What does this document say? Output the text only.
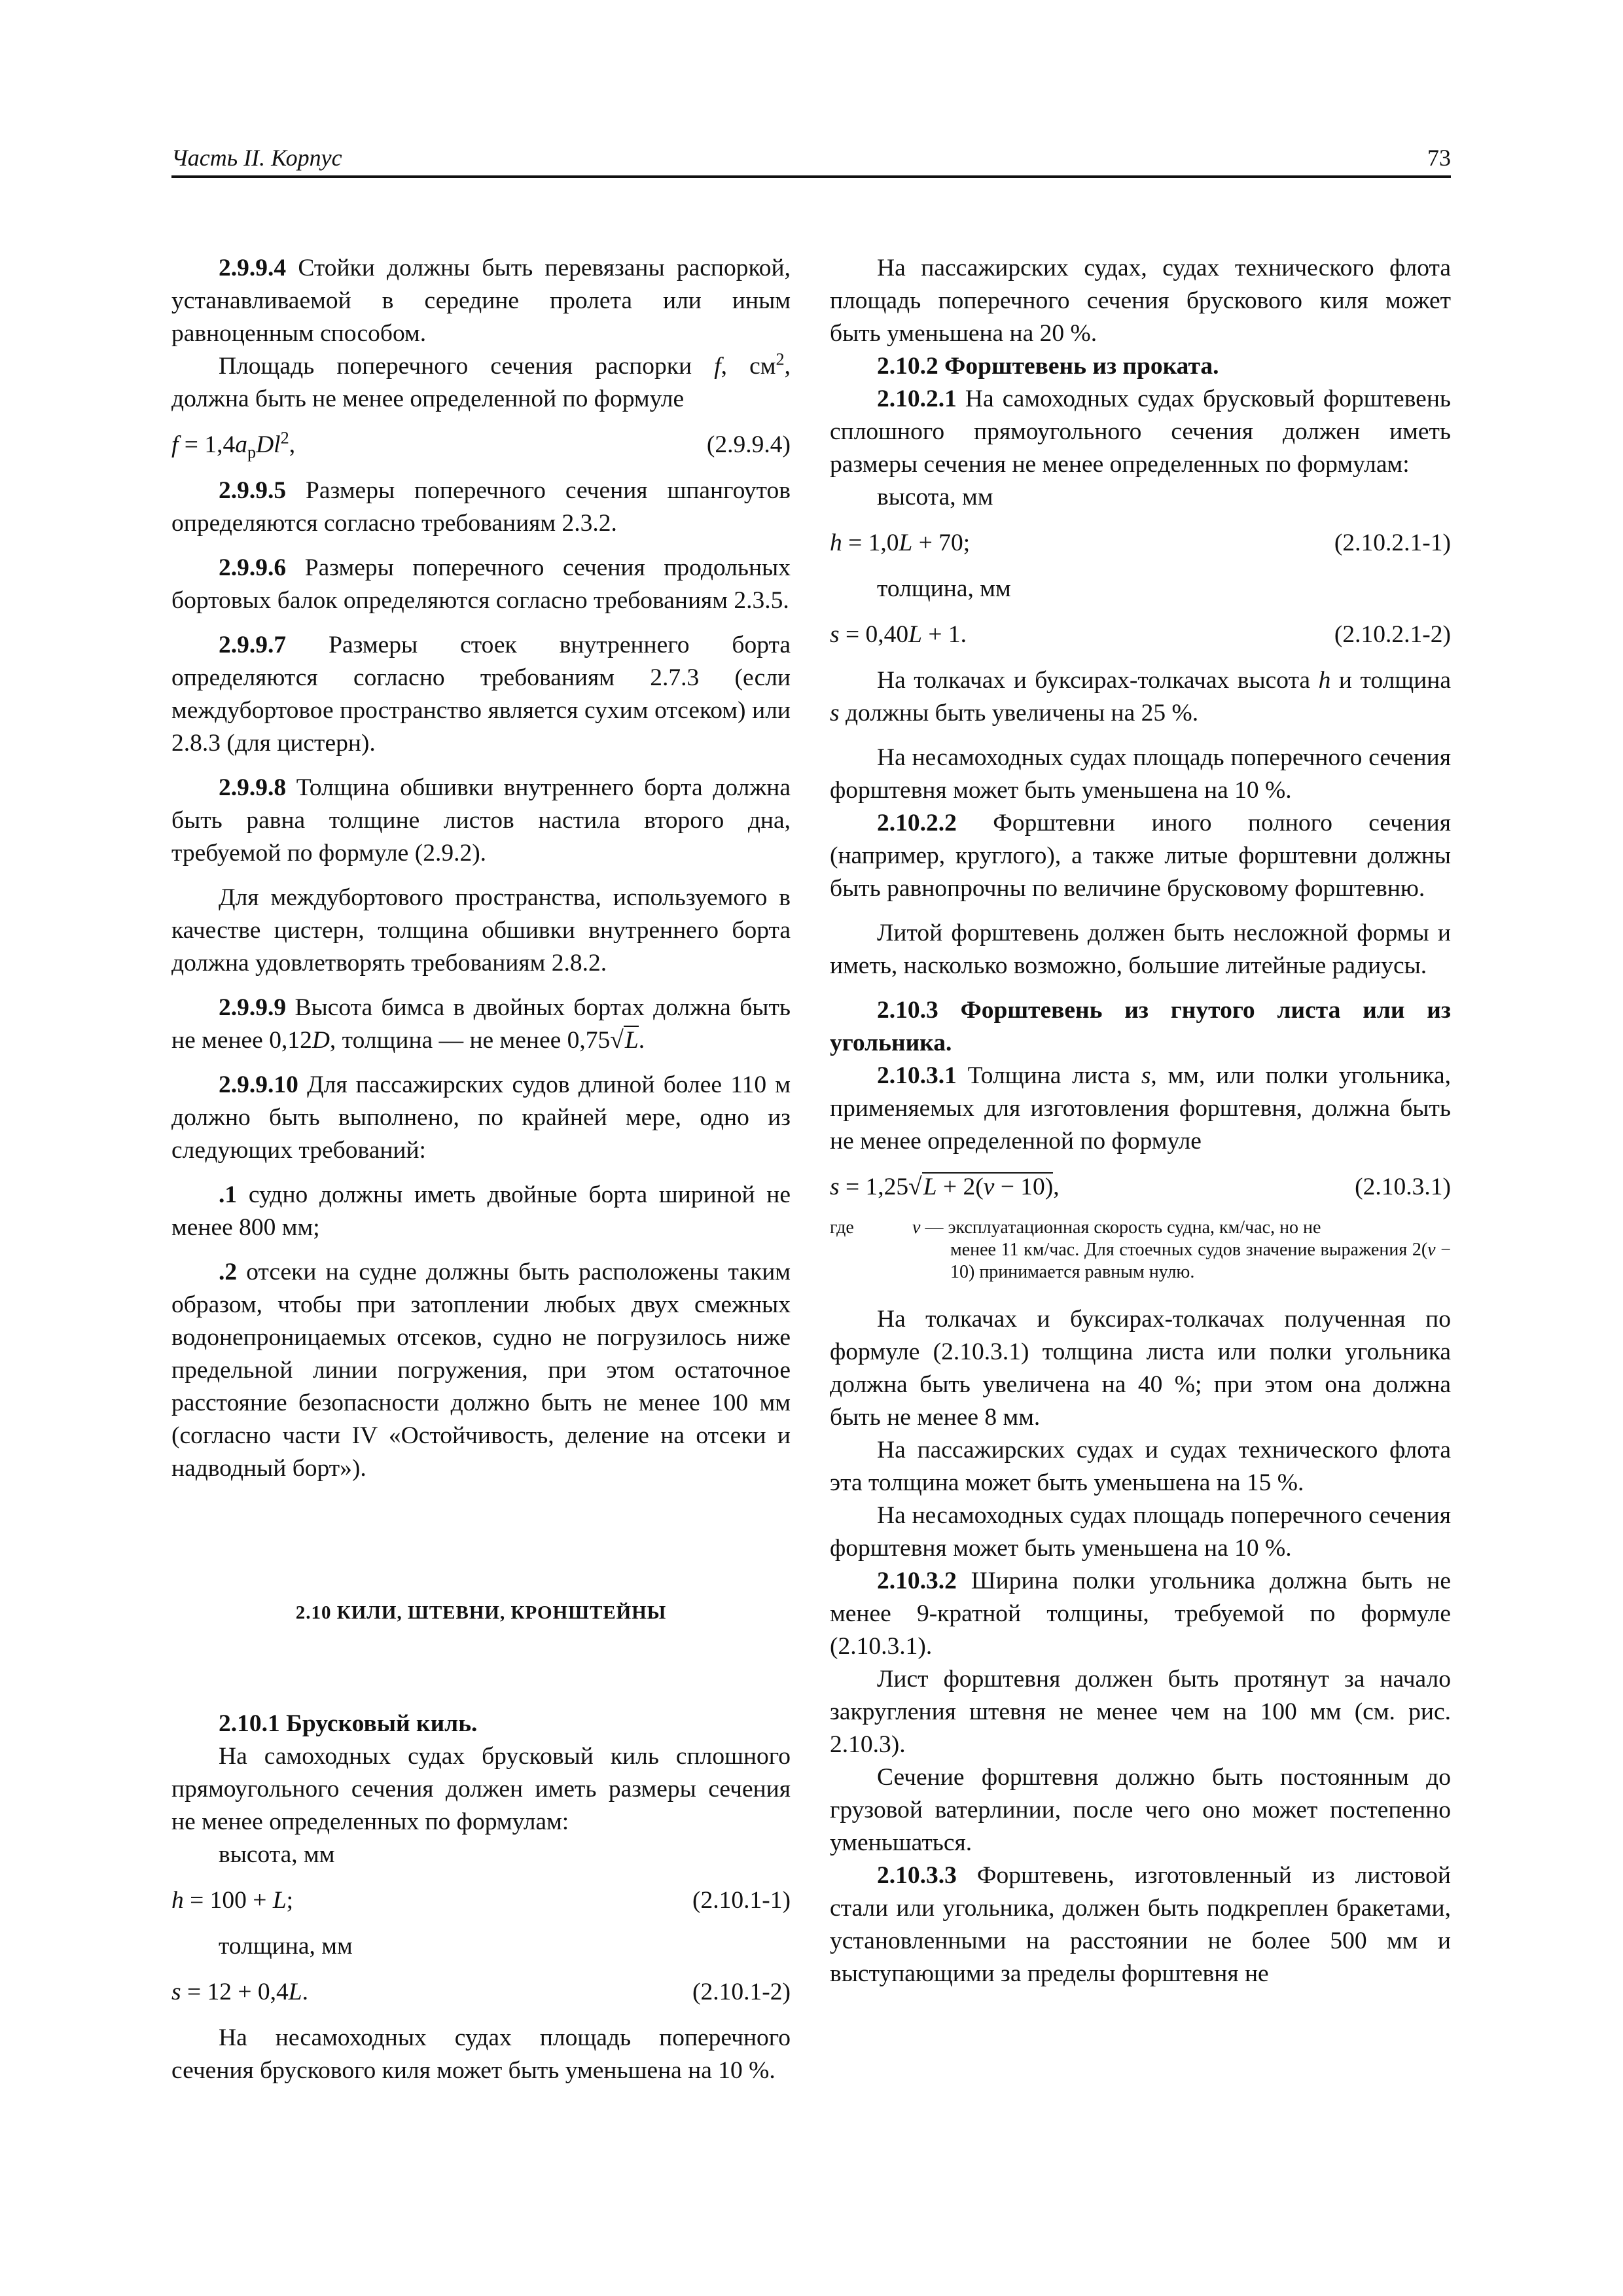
Часть II. Корпус	73

2.9.9.4 Стойки должны быть перевязаны распоркой, устанавливаемой в середине пролета или иным равноценным способом.

Площадь поперечного сечения распорки f, $см^2$, должна быть не менее определенной по формуле

$f = 1,4a_рDl^2$,	(2.9.9.4)

2.9.9.5 Размеры поперечного сечения шпангоутов определяются согласно требованиям 2.3.2.

2.9.9.6 Размеры поперечного сечения продольных бортовых балок определяются согласно требованиям 2.3.5.

2.9.9.7 Размеры стоек внутреннего борта определяются согласно требованиям 2.7.3 (если междубортовое пространство является сухим отсеком) или 2.8.3 (для цистерн).

2.9.9.8 Толщина обшивки внутреннего борта должна быть равна толщине листов настила второго дна, требуемой по формуле (2.9.2).

Для междубортового пространства, используемого в качестве цистерн, толщина обшивки внутреннего борта должна удовлетворять требованиям 2.8.2.

2.9.9.9 Высота бимса в двойных бортах должна быть не менее 0,12D, толщина — не менее 0,75√L.

2.9.9.10 Для пассажирских судов длиной более 110 м должно быть выполнено, по крайней мере, одно из следующих требований:

.1 судно должны иметь двойные борта шириной не менее 800 мм;

.2 отсеки на судне должны быть расположены таким образом, чтобы при затоплении любых двух смежных водонепроницаемых отсеков, судно не погрузилось ниже предельной линии погружения, при этом остаточное расстояние безопасности должно быть не менее 100 мм (согласно части IV «Остойчивость, деление на отсеки и надводный борт»).

2.10 КИЛИ, ШТЕВНИ, КРОНШТЕЙНЫ

2.10.1 Брусковый киль.

На самоходных судах брусковый киль сплошного прямоугольного сечения должен иметь размеры сечения не менее определенных по формулам:

высота, мм

h = 100 + L;	(2.10.1-1)

толщина, мм

s = 12 + 0,4L.	(2.10.1-2)

На несамоходных судах площадь поперечного сечения брускового киля может быть уменьшена на 10 %.

На пассажирских судах, судах технического флота площадь поперечного сечения брускового киля может быть уменьшена на 20 %.

2.10.2 Форштевень из проката.

2.10.2.1 На самоходных судах брусковый форштевень сплошного прямоугольного сечения должен иметь размеры сечения не менее определенных по формулам:

высота, мм

h = 1,0L + 70;	(2.10.2.1-1)

толщина, мм

s = 0,40L + 1.	(2.10.2.1-2)

На толкачах и буксирах-толкачах высота h и толщина s должны быть увеличены на 25 %.

На несамоходных судах площадь поперечного сечения форштевня может быть уменьшена на 10 %.

2.10.2.2 Форштевни иного полного сечения (например, круглого), а также литые форштевни должны быть равнопрочны по величине брусковому форштевню.

Литой форштевень должен быть несложной формы и иметь, насколько возможно, большие литейные радиусы.

2.10.3 Форштевень из гнутого листа или из угольника.

2.10.3.1 Толщина листа s, мм, или полки угольника, применяемых для изготовления форштевня, должна быть не менее определенной по формуле

s = 1,25√L + 2(v − 10),	(2.10.3.1)
где	v — эксплуатационная скорость судна, км/час, но не
менее 11 км/час. Для стоечных судов значение выражения 2(v − 10) принимается равным нулю.

На толкачах и буксирах-толкачах полученная по формуле (2.10.3.1) толщина листа или полки угольника должна быть увеличена на 40 %; при этом она должна быть не менее 8 мм.

На пассажирских судах и судах технического флота эта толщина может быть уменьшена на 15 %.

На несамоходных судах площадь поперечного сечения форштевня может быть уменьшена на 10 %.

2.10.3.2 Ширина полки угольника должна быть не менее 9-кратной толщины, требуемой по формуле (2.10.3.1).

Лист форштевня должен быть протянут за начало закругления штевня не менее чем на 100 мм (см. рис. 2.10.3).

Сечение форштевня должно быть постоянным до грузовой ватерлинии, после чего оно может постепенно уменьшаться.

2.10.3.3 Форштевень, изготовленный из листовой стали или угольника, должен быть подкреплен бракетами, установленными на расстоянии не более 500 мм и выступающими за пределы форштевня не
